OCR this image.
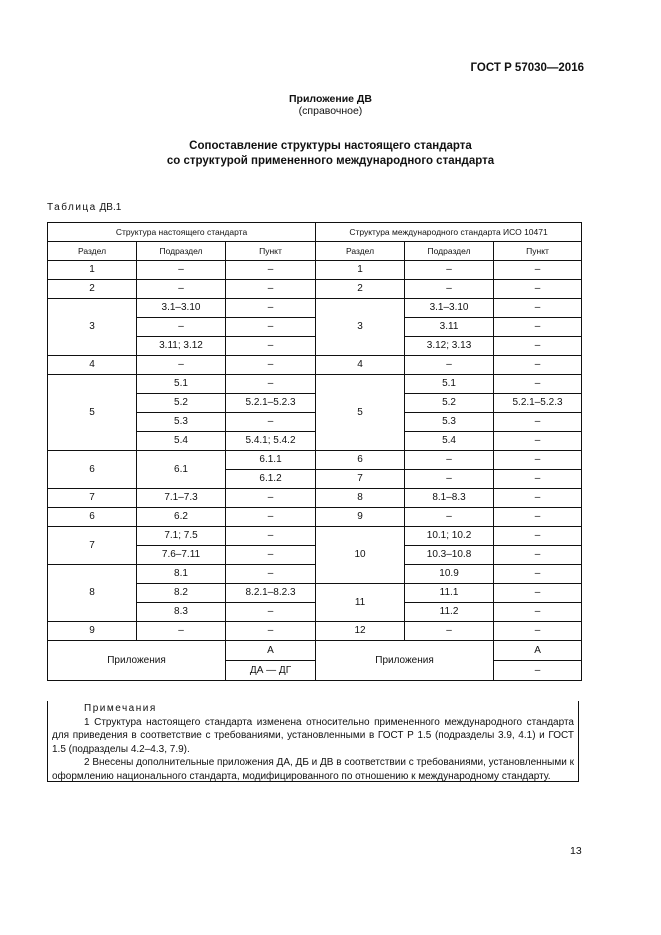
ГОСТ Р 57030—2016
Приложение ДВ
(справочное)
Сопоставление структуры настоящего стандарта
со структурой примененного международного стандарта
Таблица ДВ.1
Структура настоящего стандарта			Структура международного стандарта ИСО 10471		
Раздел	Подраздел	Пункт	Раздел	Подраздел	Пункт
1	–	–	1	–	–
2	–	–	2	–	–
3	3.1–3.10	–	3	3.1–3.10	–
	–	–		3.11	–
	3.11; 3.12	–		3.12; 3.13	–
4	–	–	4	–	–
5	5.1	–	5	5.1	–
	5.2	5.2.1–5.2.3		5.2	5.2.1–5.2.3
	5.3	–		5.3	–
	5.4	5.4.1; 5.4.2		5.4	–
6	6.1	6.1.1	6	–	–
		6.1.2	7	–	–
7	7.1–7.3	–	8	8.1–8.3	–
6	6.2	–	9	–	–
7	7.1; 7.5	–	10	10.1; 10.2	–
	7.6–7.11	–		10.3–10.8	–
8	8.1	–		10.9	–
	8.2	8.2.1–8.2.3	11	11.1	–
	8.3	–		11.2	–
9	–	–	12	–	–
Приложения		А	Приложения		А
		ДА — ДГ			–
Примечания
1 Структура настоящего стандарта изменена относительно примененного международного стандарта для приведения в соответствие с требованиями, установленными в ГОСТ Р 1.5 (подразделы 3.9, 4.1) и ГОСТ 1.5 (подразделы 4.2–4.3, 7.9).
2 Внесены дополнительные приложения ДА, ДБ и ДВ в соответствии с требованиями, установленными к оформлению национального стандарта, модифицированного по отношению к международному стандарту.
13
